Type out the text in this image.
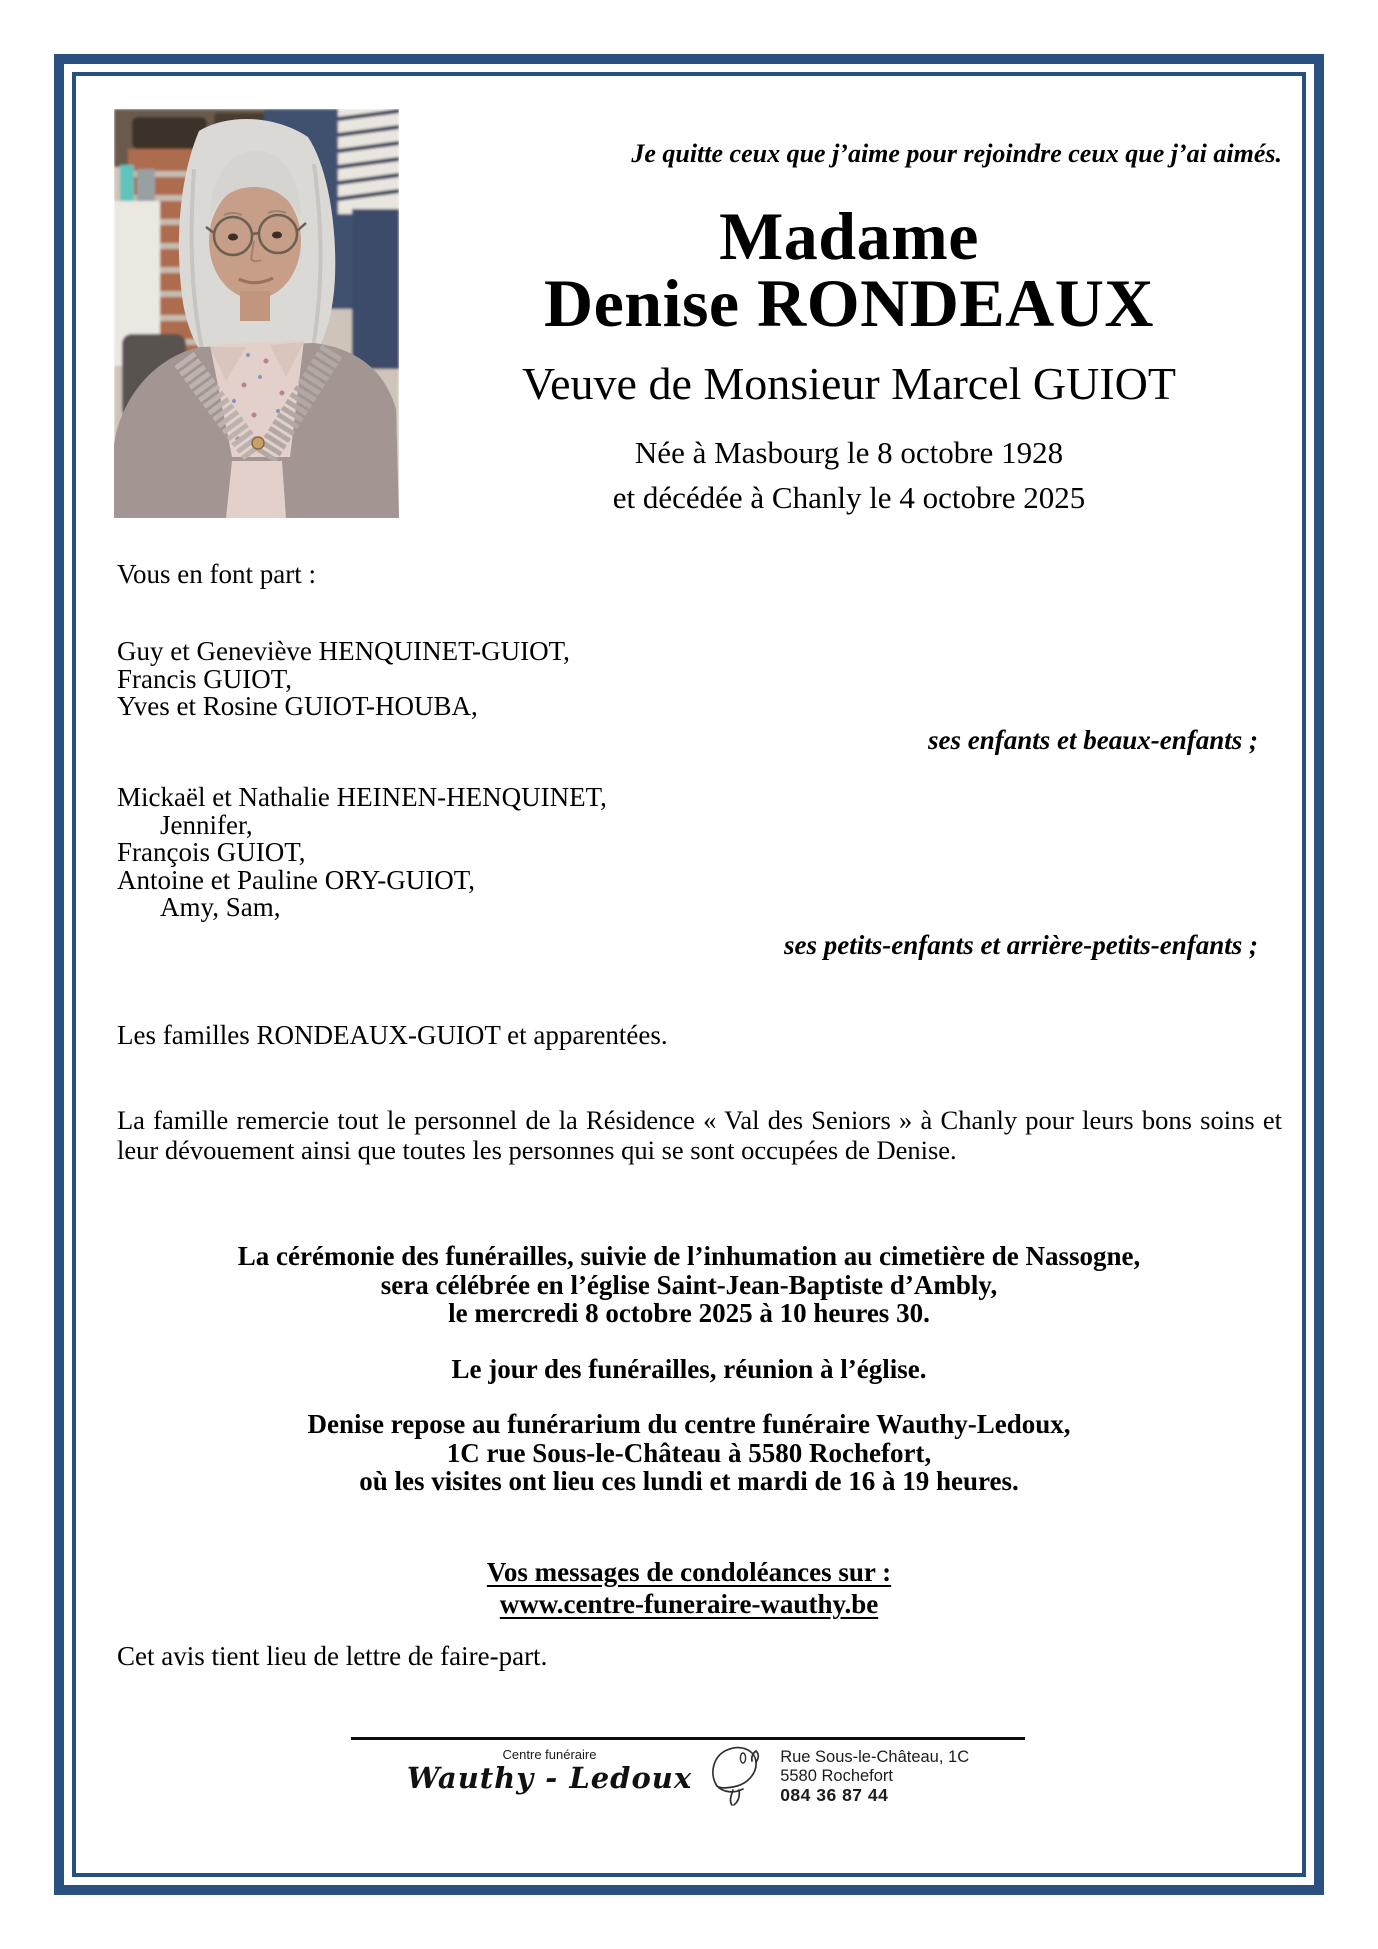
Je quitte ceux que j’aime pour rejoindre ceux que j’ai aimés.
Madame
Denise RONDEAUX
Veuve de Monsieur Marcel GUIOT
Née à Masbourg le 8 octobre 1928
et décédée à Chanly le 4 octobre 2025
Vous en font part :
Guy et Geneviève HENQUINET-GUIOT,
Francis GUIOT,
Yves et Rosine GUIOT-HOUBA,
ses enfants et beaux-enfants ;
Mickaël et Nathalie HEINEN-HENQUINET,
Jennifer,
François GUIOT,
Antoine et Pauline ORY-GUIOT,
Amy, Sam,
ses petits-enfants et arrière-petits-enfants ;
Les familles RONDEAUX-GUIOT et apparentées.
La famille remercie tout le personnel de la Résidence « Val des Seniors » à Chanly pour leurs bons soins et leur dévouement ainsi que toutes les personnes qui se sont occupées de Denise.
La cérémonie des funérailles, suivie de l’inhumation au cimetière de Nassogne,
sera célébrée en l’église Saint-Jean-Baptiste d’Ambly,
le mercredi 8 octobre 2025 à 10 heures 30.
Le jour des funérailles, réunion à l’église.
Denise repose au funérarium du centre funéraire Wauthy-Ledoux,
1C rue Sous-le-Château à 5580 Rochefort,
où les visites ont lieu ces lundi et mardi de 16 à 19 heures.
Vos messages de condoléances sur :
www.centre-funeraire-wauthy.be
Cet avis tient lieu de lettre de faire-part.
Centre funéraire
Wauthy - Ledoux
Rue Sous-le-Château, 1C
5580 Rochefort
084 36 87 44
